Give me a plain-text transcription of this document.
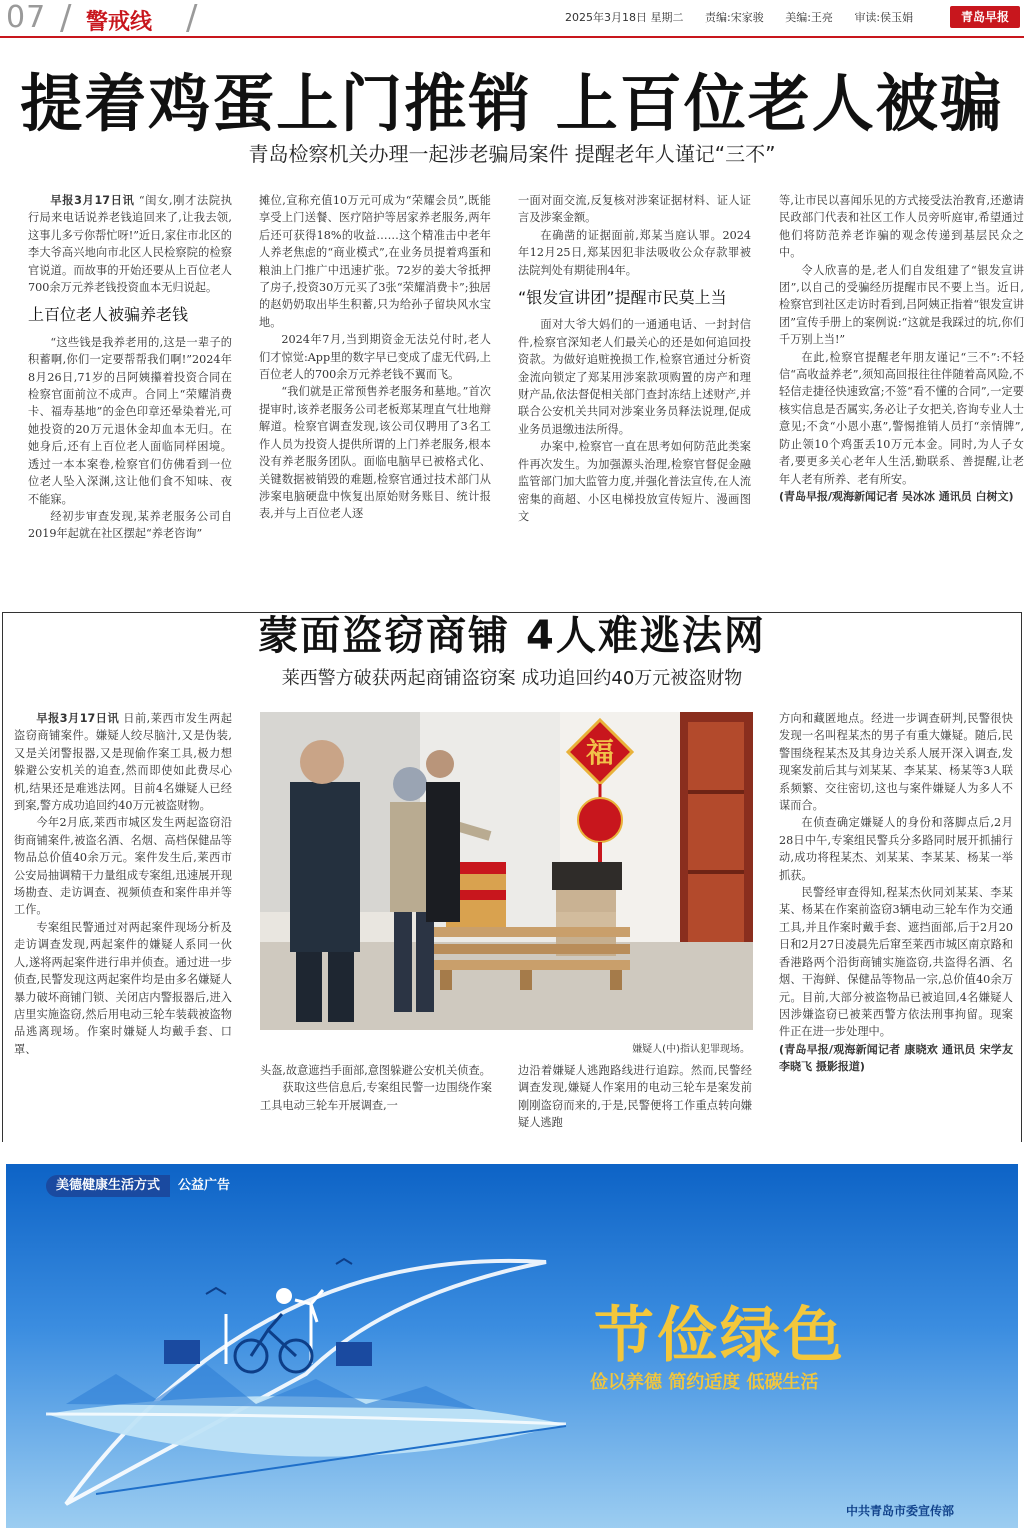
07 / 警戒线 /	2025年3月18日 星期二 责编:宋家骏 美编:王亮 审读:侯玉娟	青岛早报
提着鸡蛋上门推销 上百位老人被骗
青岛检察机关办理一起涉老骗局案件 提醒老年人谨记“三不”

早报3月17日讯 “闺女,刚才法院执行局来电话说养老钱追回来了,让我去领,这事儿多亏你帮忙呀!”近日,家住市北区的李大爷高兴地向市北区人民检察院的检察官说道。而故事的开始还要从上百位老人700余万元养老钱投资血本无归说起。

上百位老人被骗养老钱

“这些钱是我养老用的,这是一辈子的积蓄啊,你们一定要帮帮我们啊!”2024年8月26日,71岁的吕阿姨攥着投资合同在检察官面前泣不成声。合同上“荣耀消费卡、福寿基地”的金色印章还晕染着光,可她投资的20万元退休金却血本无归。在她身后,还有上百位老人面临同样困境。透过一本本案卷,检察官们仿佛看到一位位老人坠入深渊,这让他们食不知味、夜不能寐。

经初步审查发现,某养老服务公司自2019年起就在社区摆起“养老咨询”

摊位,宣称充值10万元可成为“荣耀会员”,既能享受上门送餐、医疗陪护等居家养老服务,两年后还可获得18%的收益……这个精准击中老年人养老焦虑的“商业模式”,在业务员提着鸡蛋和粮油上门推广中迅速扩张。72岁的姜大爷抵押了房子,投资30万元买了3张“荣耀消费卡”;独居的赵奶奶取出毕生积蓄,只为给孙子留块风水宝地。

2024年7月,当到期资金无法兑付时,老人们才惊觉:App里的数字早已变成了虚无代码,上百位老人的700余万元养老钱不翼而飞。

“我们就是正常预售养老服务和墓地。”首次提审时,该养老服务公司老板郑某理直气壮地辩解道。检察官调查发现,该公司仅聘用了3名工作人员为投资人提供所谓的上门养老服务,根本没有养老服务团队。面临电脑早已被格式化、关键数据被销毁的难题,检察官通过技术部门从涉案电脑硬盘中恢复出原始财务账目、统计报表,并与上百位老人逐

一面对面交流,反复核对涉案证据材料、证人证言及涉案金额。

在确凿的证据面前,郑某当庭认罪。2024年12月25日,郑某因犯非法吸收公众存款罪被法院判处有期徒刑4年。

“银发宣讲团”提醒市民莫上当

面对大爷大妈们的一通通电话、一封封信件,检察官深知老人们最关心的还是如何追回投资款。为做好追赃挽损工作,检察官通过分析资金流向锁定了郑某用涉案款项购置的房产和理财产品,依法督促相关部门查封冻结上述财产,并联合公安机关共同对涉案业务员释法说理,促成业务员退缴违法所得。

办案中,检察官一直在思考如何防范此类案件再次发生。为加强源头治理,检察官督促金融监管部门加大监管力度,并强化普法宣传,在人流密集的商超、小区电梯投放宣传短片、漫画图文

等,让市民以喜闻乐见的方式接受法治教育,还邀请民政部门代表和社区工作人员旁听庭审,希望通过他们将防范养老诈骗的观念传递到基层民众之中。

令人欣喜的是,老人们自发组建了“银发宣讲团”,以自己的受骗经历提醒市民不要上当。近日,检察官到社区走访时看到,吕阿姨正指着“银发宣讲团”宣传手册上的案例说:“这就是我踩过的坑,你们千万别上当!”

在此,检察官提醒老年朋友谨记“三不”:不轻信“高收益养老”,须知高回报往往伴随着高风险,不轻信走捷径快速致富;不签“看不懂的合同”,一定要核实信息是否属实,务必让子女把关,咨询专业人士意见;不贪“小恩小惠”,警惕推销人员打“亲情牌”,防止领10个鸡蛋丢10万元本金。同时,为人子女者,要更多关心老年人生活,勤联系、善提醒,让老年人老有所养、老有所安。

(青岛早报/观海新闻记者 吴冰冰 通讯员 白树文)

蒙面盗窃商铺 4人难逃法网
莱西警方破获两起商铺盗窃案 成功追回约40万元被盗财物

早报3月17日讯 日前,莱西市发生两起盗窃商铺案件。嫌疑人绞尽脑汁,又是伪装,又是关闭警报器,又是现偷作案工具,极力想躲避公安机关的追查,然而即使如此费尽心机,结果还是难逃法网。目前4名嫌疑人已经到案,警方成功追回约40万元被盗财物。

今年2月底,莱西市城区发生两起盗窃沿街商铺案件,被盗名酒、名烟、高档保健品等物品总价值40余万元。案件发生后,莱西市公安局抽调精干力量组成专案组,迅速展开现场勘查、走访调查、视频侦查和案件串并等工作。

专案组民警通过对两起案件现场分析及走访调查发现,两起案件的嫌疑人系同一伙人,遂将两起案件进行串并侦查。通过进一步侦查,民警发现这两起案件均是由多名嫌疑人暴力破坏商铺门锁、关闭店内警报器后,进入店里实施盗窃,然后用电动三轮车装载被盗物品逃离现场。作案时嫌疑人均戴手套、口罩、

福
嫌疑人(中)指认犯罪现场。

头盔,故意遮挡手面部,意图躲避公安机关侦查。

获取这些信息后,专案组民警一边围绕作案工具电动三轮车开展调查,一

边沿着嫌疑人逃跑路线进行追踪。然而,民警经调查发现,嫌疑人作案用的电动三轮车是案发前刚刚盗窃而来的,于是,民警便将工作重点转向嫌疑人逃跑

方向和藏匿地点。经进一步调查研判,民警很快发现一名叫程某杰的男子有重大嫌疑。随后,民警围绕程某杰及其身边关系人展开深入调查,发现案发前后其与刘某某、李某某、杨某等3人联系频繁、交往密切,这也与案件嫌疑人为多人不谋而合。

在侦查确定嫌疑人的身份和落脚点后,2月28日中午,专案组民警兵分多路同时展开抓捕行动,成功将程某杰、刘某某、李某某、杨某一举抓获。

民警经审查得知,程某杰伙同刘某某、李某某、杨某在作案前盗窃3辆电动三轮车作为交通工具,并且作案时戴手套、遮挡面部,后于2月20日和2月27日凌晨先后窜至莱西市城区南京路和香港路两个沿街商铺实施盗窃,共盗得名酒、名烟、干海鲜、保健品等物品一宗,总价值40余万元。目前,大部分被盗物品已被追回,4名嫌疑人因涉嫌盗窃已被莱西警方依法刑事拘留。现案件正在进一步处理中。

(青岛早报/观海新闻记者 康晓欢 通讯员 宋学友 李晓飞 摄影报道)

美德健康生活方式 公益广告
节俭绿色
俭以养德 简约适度 低碳生活
中共青岛市委宣传部
